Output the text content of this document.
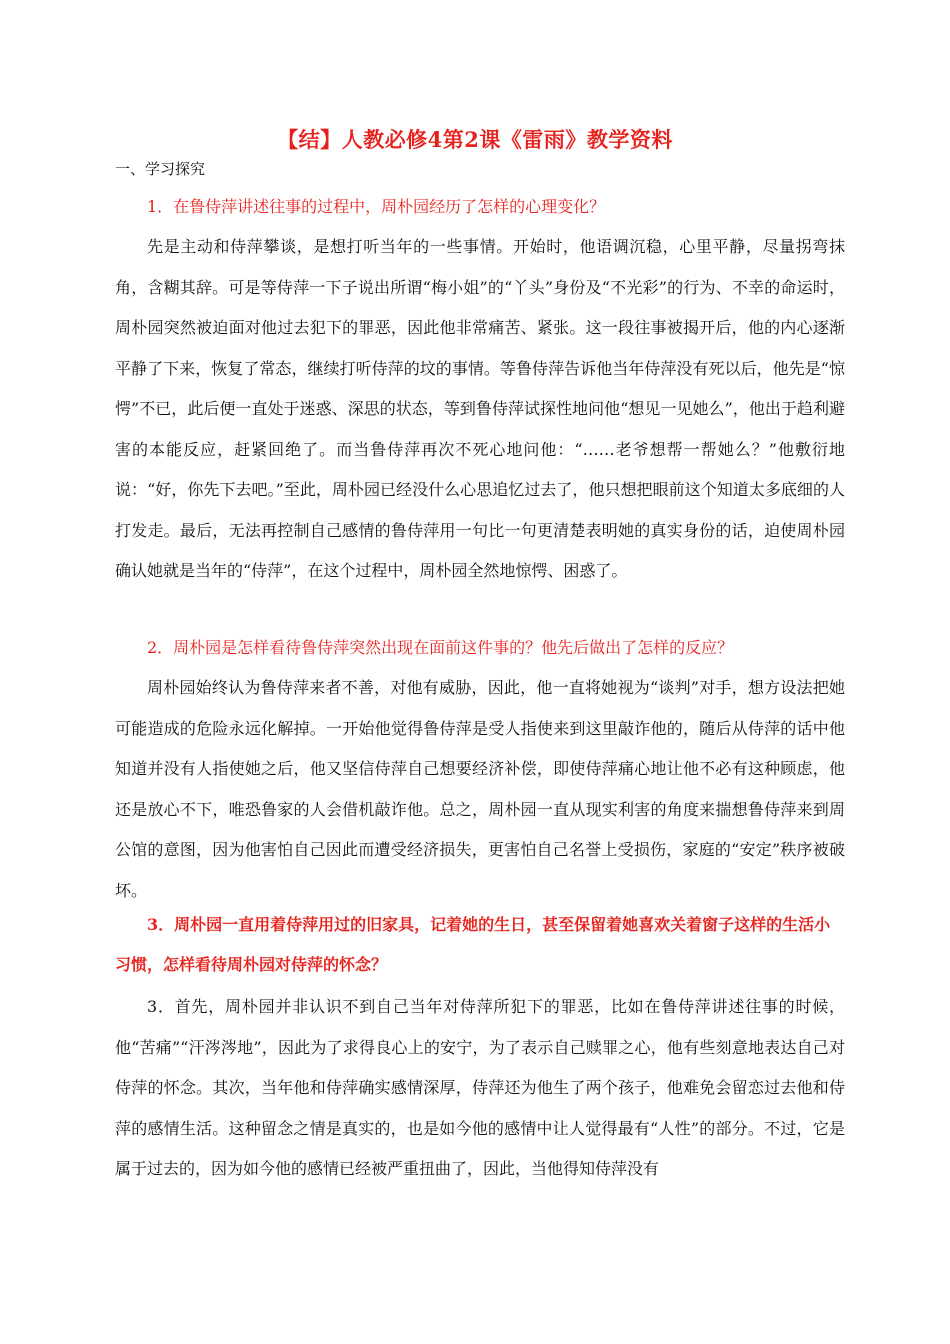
【结】人教必修4第2课《雷雨》教学资料
一、学习探究
1．在鲁侍萍讲述往事的过程中，周朴园经历了怎样的心理变化？
先是主动和侍萍攀谈，是想打听当年的一些事情。开始时，他语调沉稳，心里平静，尽量拐弯抹角，含糊其辞。可是等侍萍一下子说出所谓“梅小姐”的“丫头”身份及“不光彩”的行为、不幸的命运时，周朴园突然被迫面对他过去犯下的罪恶，因此他非常痛苦、紧张。这一段往事被揭开后，他的内心逐渐平静了下来，恢复了常态，继续打听侍萍的坟的事情。等鲁侍萍告诉他当年侍萍没有死以后，他先是“惊愕”不已，此后便一直处于迷惑、深思的状态，等到鲁侍萍试探性地问他“想见一见她么”，他出于趋利避害的本能反应，赶紧回绝了。而当鲁侍萍再次不死心地问他：“……老爷想帮一帮她么？”他敷衍地说：“好，你先下去吧。”至此，周朴园已经没什么心思追忆过去了，他只想把眼前这个知道太多底细的人打发走。最后，无法再控制自己感情的鲁侍萍用一句比一句更清楚表明她的真实身份的话，迫使周朴园确认她就是当年的“侍萍”，在这个过程中，周朴园全然地惊愕、困惑了。
2．周朴园是怎样看待鲁侍萍突然出现在面前这件事的？他先后做出了怎样的反应？
周朴园始终认为鲁侍萍来者不善，对他有威胁，因此，他一直将她视为“谈判”对手，想方设法把她可能造成的危险永远化解掉。一开始他觉得鲁侍萍是受人指使来到这里敲诈他的，随后从侍萍的话中他知道并没有人指使她之后，他又坚信侍萍自己想要经济补偿，即使侍萍痛心地让他不必有这种顾虑，他还是放心不下，唯恐鲁家的人会借机敲诈他。总之，周朴园一直从现实利害的角度来揣想鲁侍萍来到周公馆的意图，因为他害怕自己因此而遭受经济损失，更害怕自己名誉上受损伤，家庭的“安定”秩序被破坏。
3．周朴园一直用着侍萍用过的旧家具，记着她的生日，甚至保留着她喜欢关着窗子这样的生活小习惯，怎样看待周朴园对侍萍的怀念？
3．首先，周朴园并非认识不到自己当年对侍萍所犯下的罪恶，比如在鲁侍萍讲述往事的时候，他“苦痛”“汗涔涔地”，因此为了求得良心上的安宁，为了表示自己赎罪之心，他有些刻意地表达自己对侍萍的怀念。其次，当年他和侍萍确实感情深厚，侍萍还为他生了两个孩子，他难免会留恋过去他和侍萍的感情生活。这种留念之情是真实的，也是如今他的感情中让人觉得最有“人性”的部分。不过，它是属于过去的，因为如今他的感情已经被严重扭曲了，因此，当他得知侍萍没有
